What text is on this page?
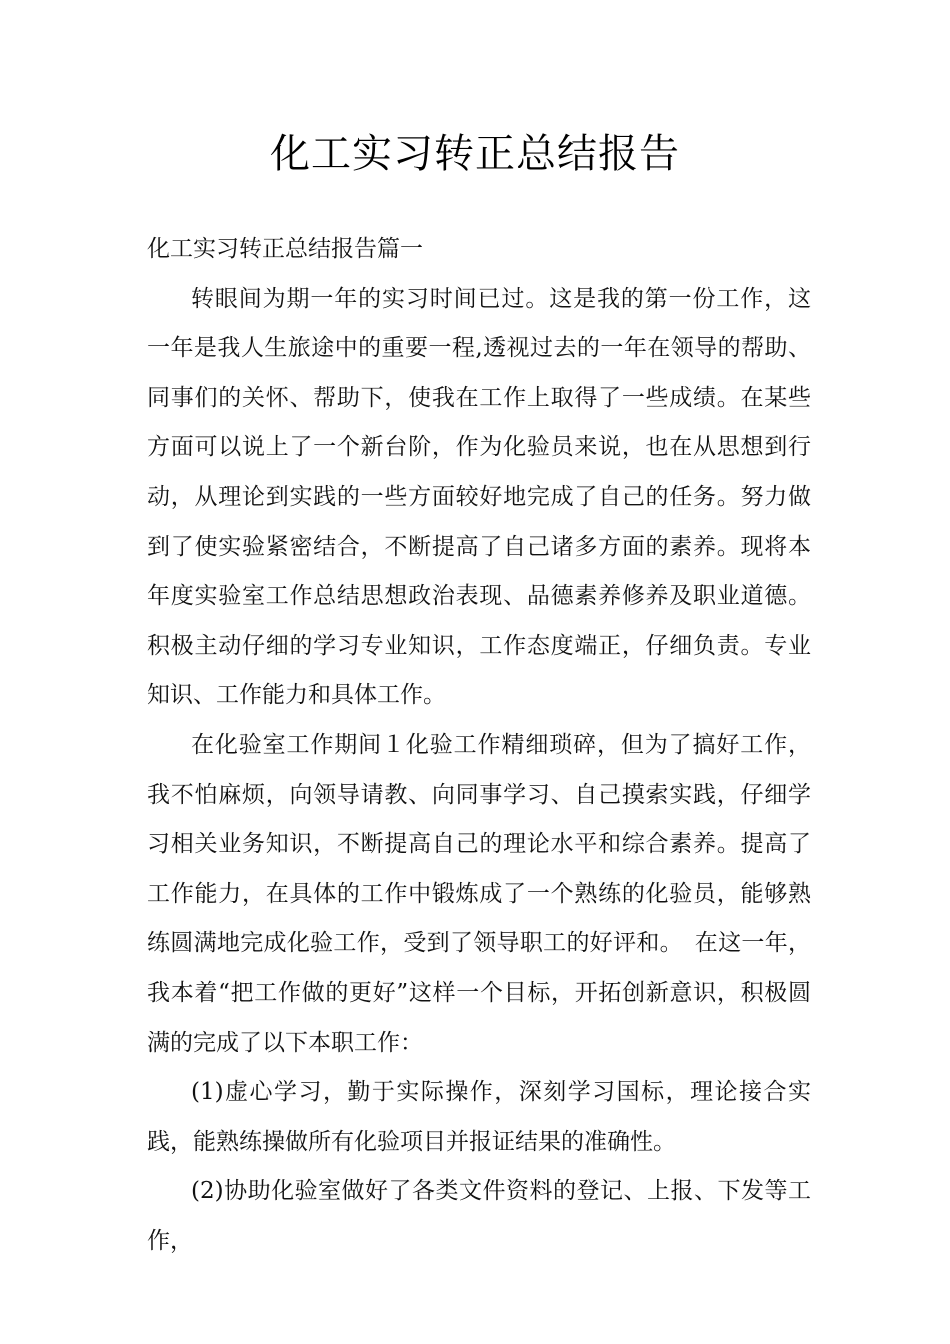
化工实习转正总结报告

化工实习转正总结报告篇一

转眼间为期一年的实习时间已过。这是我的第一份工作，这一年是我人生旅途中的重要一程,透视过去的一年在领导的帮助、同事们的关怀、帮助下，使我在工作上取得了一些成绩。在某些方面可以说上了一个新台阶，作为化验员来说，也在从思想到行动，从理论到实践的一些方面较好地完成了自己的任务。努力做到了使实验紧密结合，不断提高了自己诸多方面的素养。现将本年度实验室工作总结思想政治表现、品德素养修养及职业道德。积极主动仔细的学习专业知识，工作态度端正，仔细负责。专业知识、工作能力和具体工作。

在化验室工作期间１化验工作精细琐碎，但为了搞好工作，我不怕麻烦，向领导请教、向同事学习、自己摸索实践，仔细学习相关业务知识，不断提高自己的理论水平和综合素养。提高了工作能力，在具体的工作中锻炼成了一个熟练的化验员，能够熟练圆满地完成化验工作，受到了领导职工的好评和。　在这一年，我本着“把工作做的更好”这样一个目标，开拓创新意识，积极圆满的完成了以下本职工作：

(1)虚心学习，勤于实际操作，深刻学习国标，理论接合实践，能熟练操做所有化验项目并报证结果的准确性。

(2)协助化验室做好了各类文件资料的登记、上报、下发等工作，
